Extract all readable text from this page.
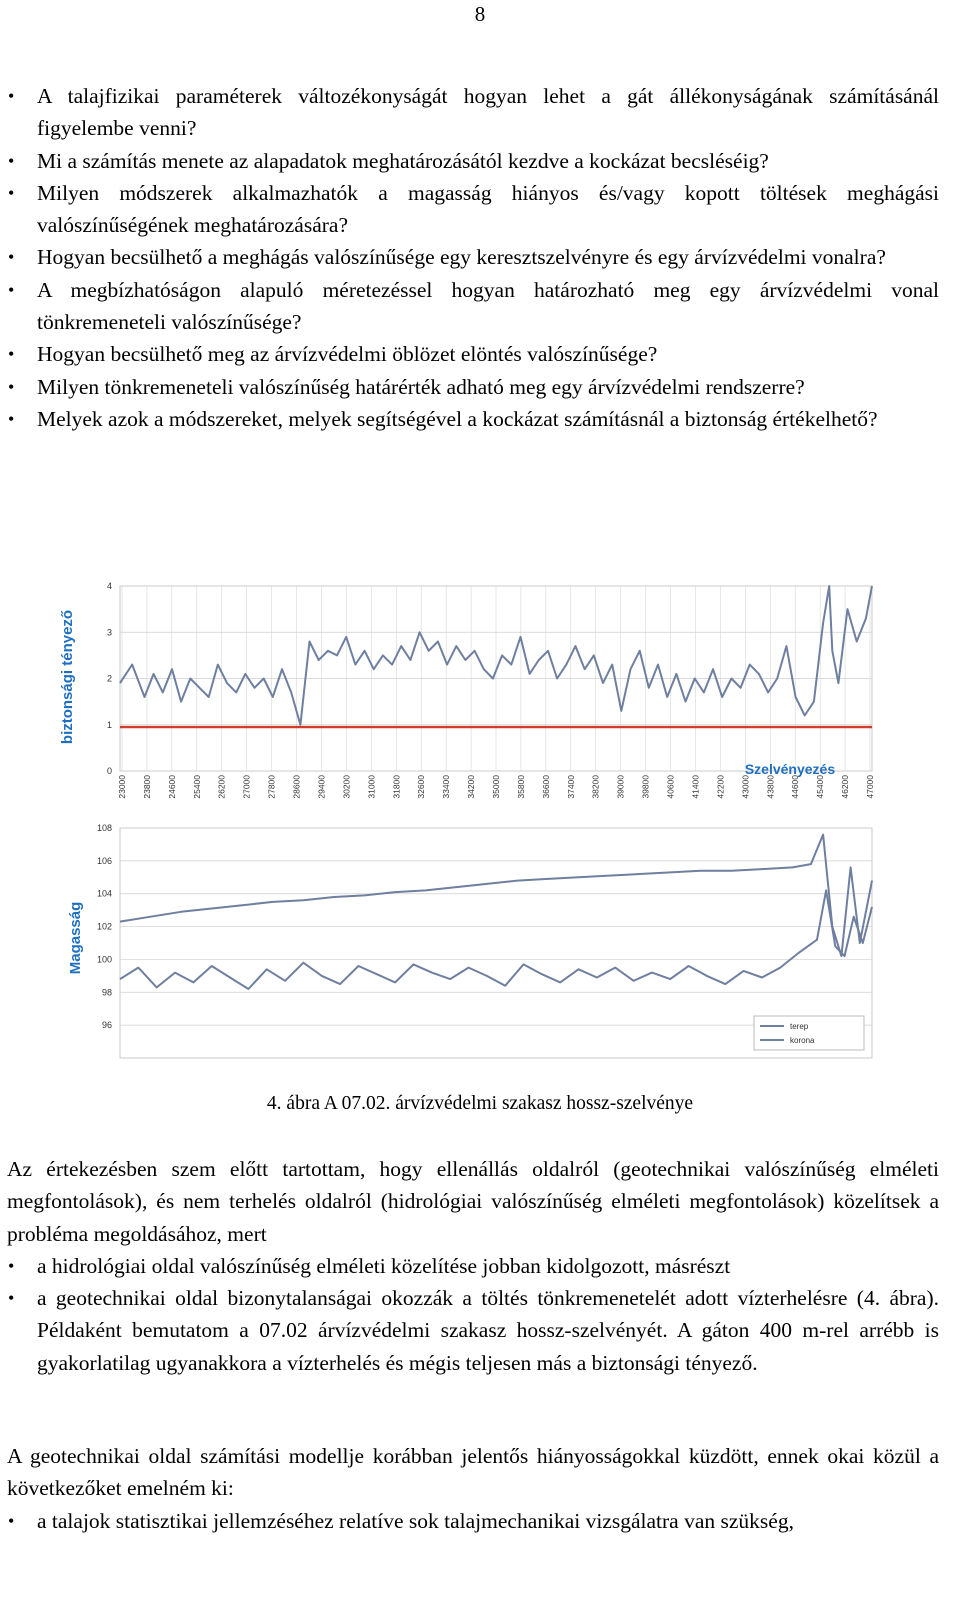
8
• A talajfizikai paraméterek változékonyságát hogyan lehet a gát állékonyságának számításánál figyelembe venni?
• Mi a számítás menete az alapadatok meghatározásától kezdve a kockázat becsléséig?
• Milyen módszerek alkalmazhatók a magasság hiányos és/vagy kopott töltések meghágási valószínűségének meghatározására?
• Hogyan becsülhető a meghágás valószínűsége egy keresztszelvényre és egy árvízvédelmi vonalra?
• A megbízhatóságon alapuló méretezéssel hogyan határozható meg egy árvízvédelmi vonal tönkremeneteli valószínűsége?
• Hogyan becsülhető meg az árvízvédelmi öblözet elöntés valószínűsége?
• Milyen tönkremeneteli valószínűség határérték adható meg egy árvízvédelmi rendszerre?
• Melyek azok a módszereket, melyek segítségével a kockázat számításnál a biztonság értékelhető?
0
1
2
3
4
23000 23800 24600 25400 26200 27000 27800 28600 29400 30200 31000 31800 32600 33400 34200 35000 35800 36600 37400 38200 39000 39800 40600 41400 42200 43000 43800 44600 45400 46200 47000
biztonsági tényező
Szelvényezés
96
98
100
102
104
106
108
Magasság
terep
korona
4. ábra A 07.02. árvízvédelmi szakasz hossz-szelvénye

Az értekezésben szem előtt tartottam, hogy ellenállás oldalról (geotechnikai valószínűség elméleti megfontolások), és nem terhelés oldalról (hidrológiai valószínűség elméleti megfontolások) közelítsek a probléma megoldásához, mert

• a hidrológiai oldal valószínűség elméleti közelítése jobban kidolgozott, másrészt
• a geotechnikai oldal bizonytalanságai okozzák a töltés tönkremenetelét adott vízterhelésre (4. ábra). Példaként bemutatom a 07.02 árvízvédelmi szakasz hossz-szelvényét. A gáton 400 m-rel arrébb is gyakorlatilag ugyanakkora a vízterhelés és mégis teljesen más a biztonsági tényező.

A geotechnikai oldal számítási modellje korábban jelentős hiányosságokkal küzdött, ennek okai közül a következőket emelném ki:

• a talajok statisztikai jellemzéséhez relatíve sok talajmechanikai vizsgálatra van szükség,
